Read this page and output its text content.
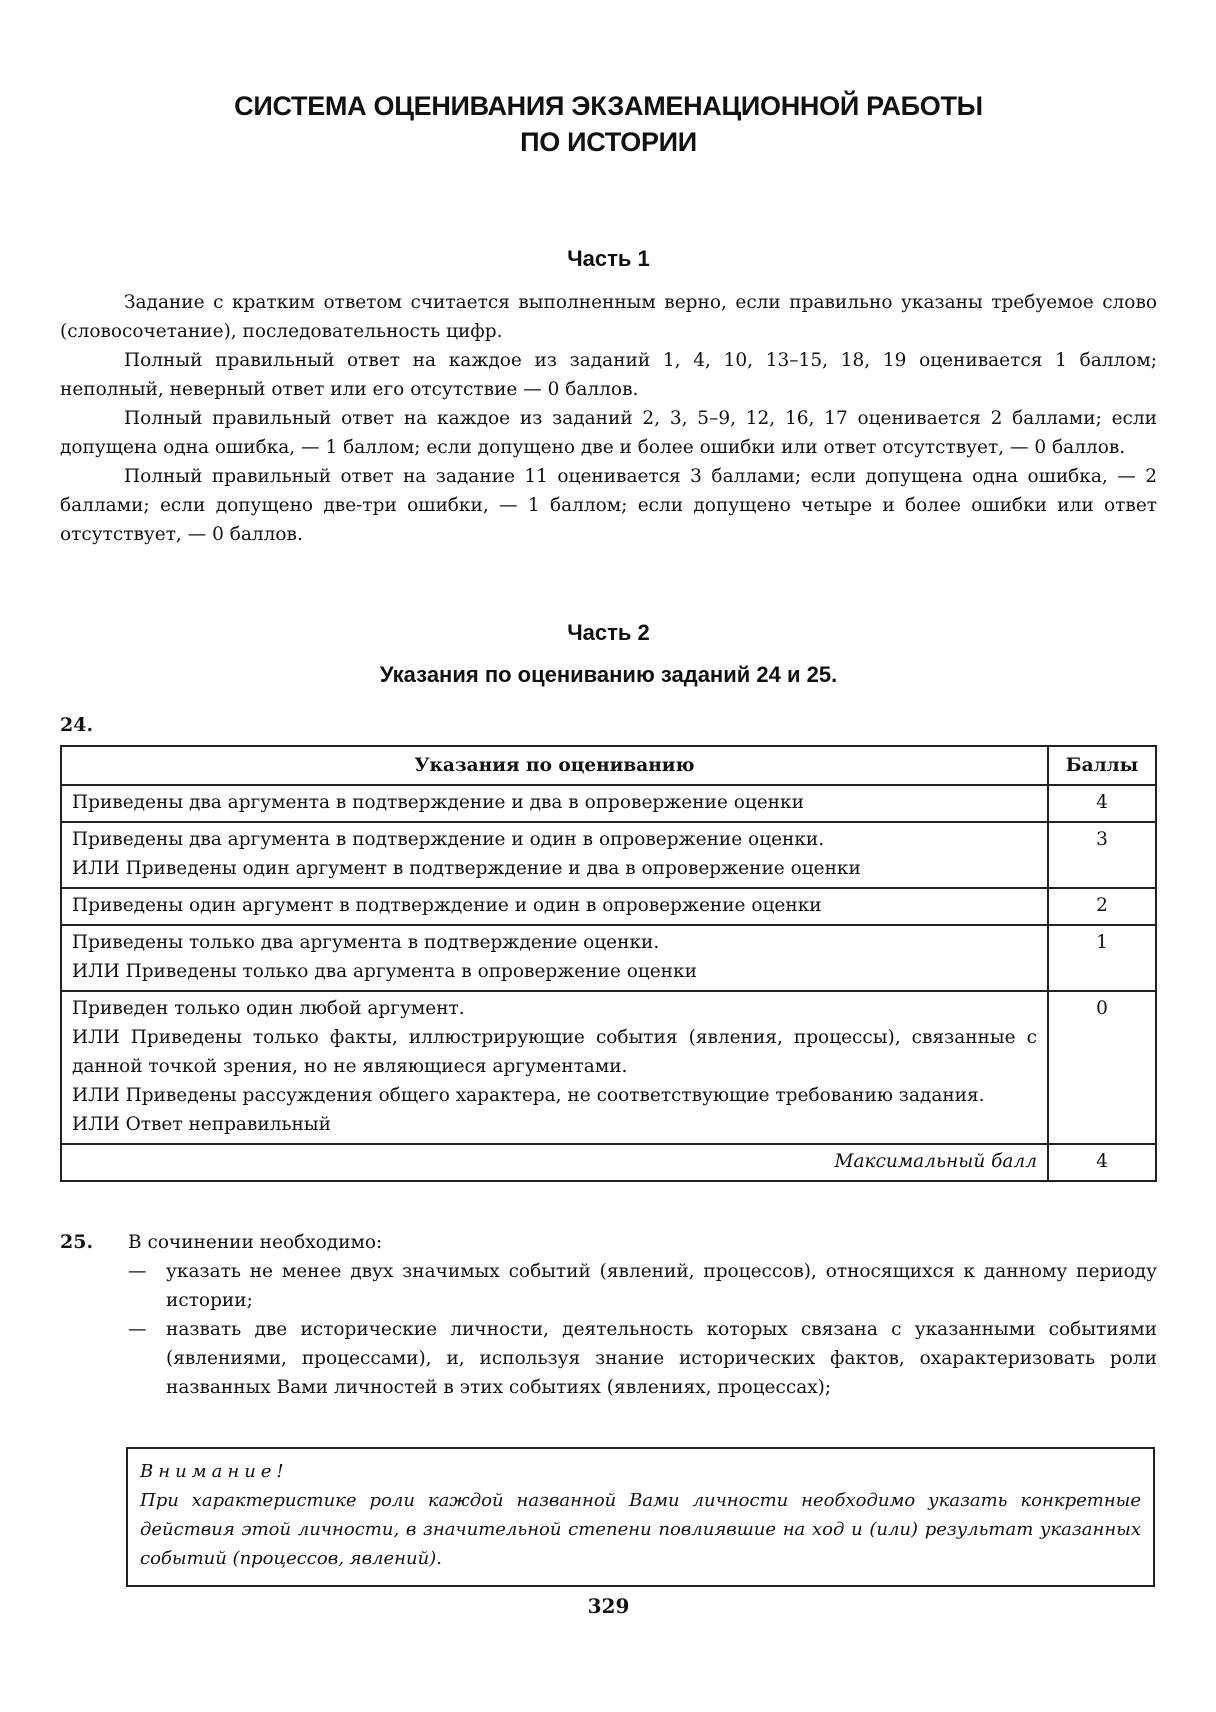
СИСТЕМА ОЦЕНИВАНИЯ ЭКЗАМЕНАЦИОННОЙ РАБОТЫ
ПО ИСТОРИИ
Часть 1

Задание с кратким ответом считается выполненным верно, если правильно указаны требуемое слово (словосочетание), последовательность цифр.

Полный правильный ответ на каждое из заданий 1, 4, 10, 13–15, 18, 19 оценивается 1 баллом; неполный, неверный ответ или его отсутствие — 0 баллов.

Полный правильный ответ на каждое из заданий 2, 3, 5–9, 12, 16, 17 оценивается 2 баллами; если допущена одна ошибка, — 1 баллом; если допущено две и более ошибки или ответ отсутствует, — 0 баллов.

Полный правильный ответ на задание 11 оценивается 3 баллами; если допущена одна ошибка, — 2 баллами; если допущено две-три ошибки, — 1 баллом; если допущено четыре и более ошибки или ответ отсутствует, — 0 баллов.

Часть 2
Указания по оцениванию заданий 24 и 25.
24.
Указания по оцениванию	Баллы

Приведены два аргумента в подтверждение и два в опровержение оценки	4

Приведены два аргумента в подтверждение и один в опровержение оценки.
ИЛИ Приведены один аргумент в подтверждение и два в опровержение оценки	3

Приведены один аргумент в подтверждение и один в опровержение оценки	2

Приведены только два аргумента в подтверждение оценки.
ИЛИ Приведены только два аргумента в опровержение оценки	1

Приведен только один любой аргумент.
ИЛИ Приведены только факты, иллюстрирующие события (явления, процессы), связанные с данной точкой зрения, но не являющиеся аргументами.
ИЛИ Приведены рассуждения общего характера, не соответствующие требованию задания.
ИЛИ Ответ неправильный	0
Максимальный балл	4
25. В сочинении необходимо:
— указать не менее двух значимых событий (явлений, процессов), относящихся к данному периоду истории;
— назвать две исторические личности, деятельность которых связана с указанными событиями (явлениями, процессами), и, используя знание исторических фактов, охарактеризовать роли названных Вами личностей в этих событиях (явлениях, процессах);
Внимание!
При характеристике роли каждой названной Вами личности необходимо указать конкретные действия этой личности, в значительной степени повлиявшие на ход и (или) результат указанных событий (процессов, явлений).
329
